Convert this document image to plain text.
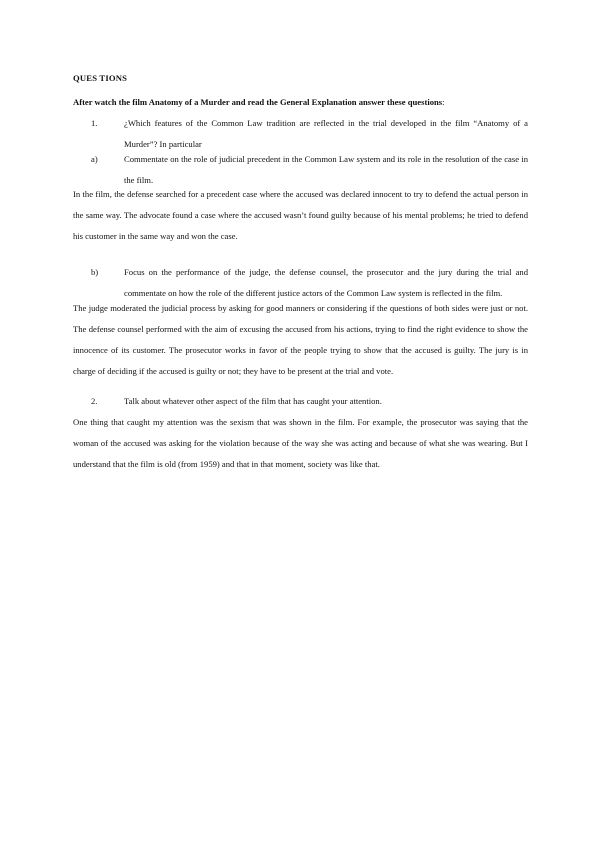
QUES TIONS

After watch the film Anatomy of a Murder and read the General Explanation answer these questions:

1.	¿Which features of the Common Law tradition are reflected in the trial developed in the film “Anatomy of a Murder”? In particular

a)	Commentate on the role of judicial precedent in the Common Law system and its role in the resolution of the case in the film.

In the film, the defense searched for a precedent case where the accused was declared innocent to try to defend the actual person in the same way. The advocate found a case where the accused wasn’t found guilty because of his mental problems; he tried to defend his customer in the same way and won the case.

b)	Focus on the performance of the judge, the defense counsel, the prosecutor and the jury during the trial and commentate on how the role of the different justice actors of the Common Law system is reflected in the film.

The judge moderated the judicial process by asking for good manners or considering if the questions of both sides were just or not. The defense counsel performed with the aim of excusing the accused from his actions, trying to find the right evidence to show the innocence of its customer. The prosecutor works in favor of the people trying to show that the accused is guilty. The jury is in charge of deciding if the accused is guilty or not; they have to be present at the trial and vote.

2.	Talk about whatever other aspect of the film that has caught your attention.

One thing that caught my attention was the sexism that was shown in the film. For example, the prosecutor was saying that the woman of the accused was asking for the violation because of the way she was acting and because of what she was wearing. But I understand that the film is old (from 1959) and that in that moment, society was like that.
